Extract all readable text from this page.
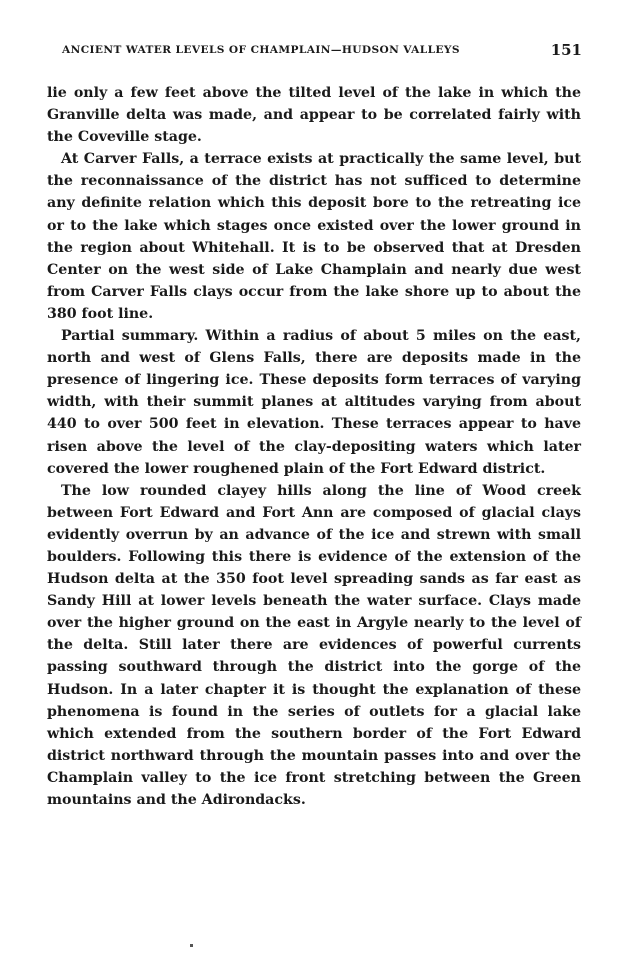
ANCIENT WATER LEVELS OF CHAMPLAIN—HUDSON VALLEYS	151

lie only a few feet above the tilted level of the lake in which the Granville delta was made, and appear to be correlated fairly with the Coveville stage.

At Carver Falls, a terrace exists at practically the same level, but the reconnaissance of the district has not sufficed to determine any definite relation which this deposit bore to the retreating ice or to the lake which stages once existed over the lower ground in the region about Whitehall. It is to be observed that at Dresden Center on the west side of Lake Champlain and nearly due west from Carver Falls clays occur from the lake shore up to about the 380 foot line.

Partial summary. Within a radius of about 5 miles on the east, north and west of Glens Falls, there are deposits made in the presence of lingering ice. These deposits form terraces of varying width, with their summit planes at altitudes varying from about 440 to over 500 feet in elevation. These terraces appear to have risen above the level of the clay-depositing waters which later covered the lower roughened plain of the Fort Edward district.

The low rounded clayey hills along the line of Wood creek between Fort Edward and Fort Ann are composed of glacial clays evidently overrun by an advance of the ice and strewn with small boulders. Following this there is evidence of the extension of the Hudson delta at the 350 foot level spreading sands as far east as Sandy Hill at lower levels beneath the water surface. Clays made over the higher ground on the east in Argyle nearly to the level of the delta. Still later there are evidences of powerful currents passing southward through the district into the gorge of the Hudson. In a later chapter it is thought the explanation of these phenomena is found in the series of outlets for a glacial lake which extended from the southern border of the Fort Edward district northward through the mountain passes into and over the Champlain valley to the ice front stretching between the Green mountains and the Adirondacks.
